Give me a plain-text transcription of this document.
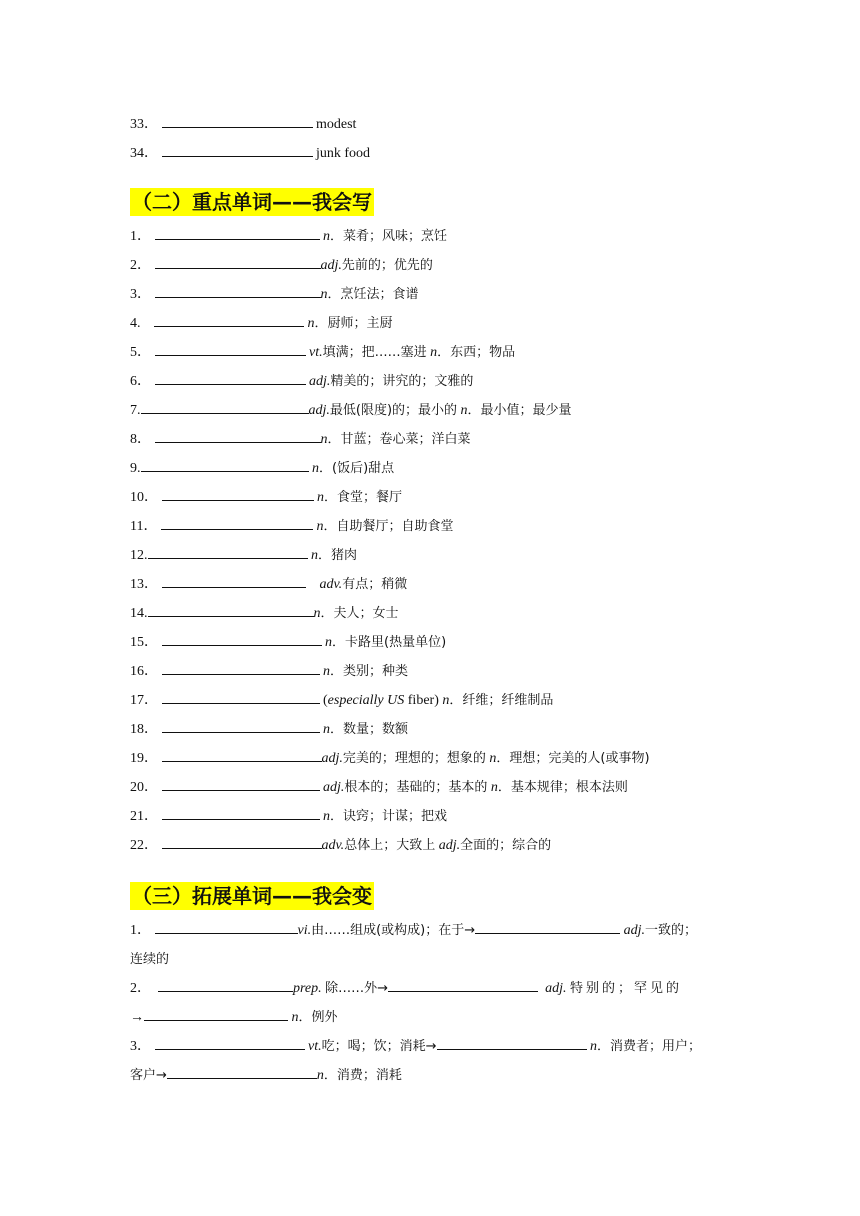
33．	modest
34．	junk food
（二）重点单词——我会写
1．	n．菜肴；风味；烹饪
2．	adj.先前的；优先的
3．	n．烹饪法；食谱
4.	n．厨师；主厨
5．	vt.填满；把……塞进 n．东西；物品
6．	adj.精美的；讲究的；文雅的
7.	adj.最低(限度)的；最小的 n．最小值；最少量
8．	n．甘蓝；卷心菜；洋白菜
9.	n．(饭后)甜点
10．	n．食堂；餐厅
11．	n．自助餐厅；自助食堂
12.	n．猪肉
13．	adv.有点；稍微
14.	n．夫人；女士
15．	n．卡路里(热量单位)
16．	n．类别；种类
17．	(especially US fiber) n．纤维；纤维制品
18．	n．数量；数额
19．	adj.完美的；理想的；想象的 n．理想；完美的人(或事物)
20．	adj.根本的；基础的；基本的 n．基本规律；根本法则
21．	n．诀窍；计谋；把戏
22．	adv.总体上；大致上 adj.全面的；综合的
（三）拓展单词——我会变
1．	vi.由……组成(或构成)；在于→	adj.一致的；
连续的
2．	prep. 除……外→	adj. 特别的；罕见的
→	n．例外
3．	vt.吃；喝；饮；消耗→	n．消费者；用户；
客户→	n．消费；消耗
